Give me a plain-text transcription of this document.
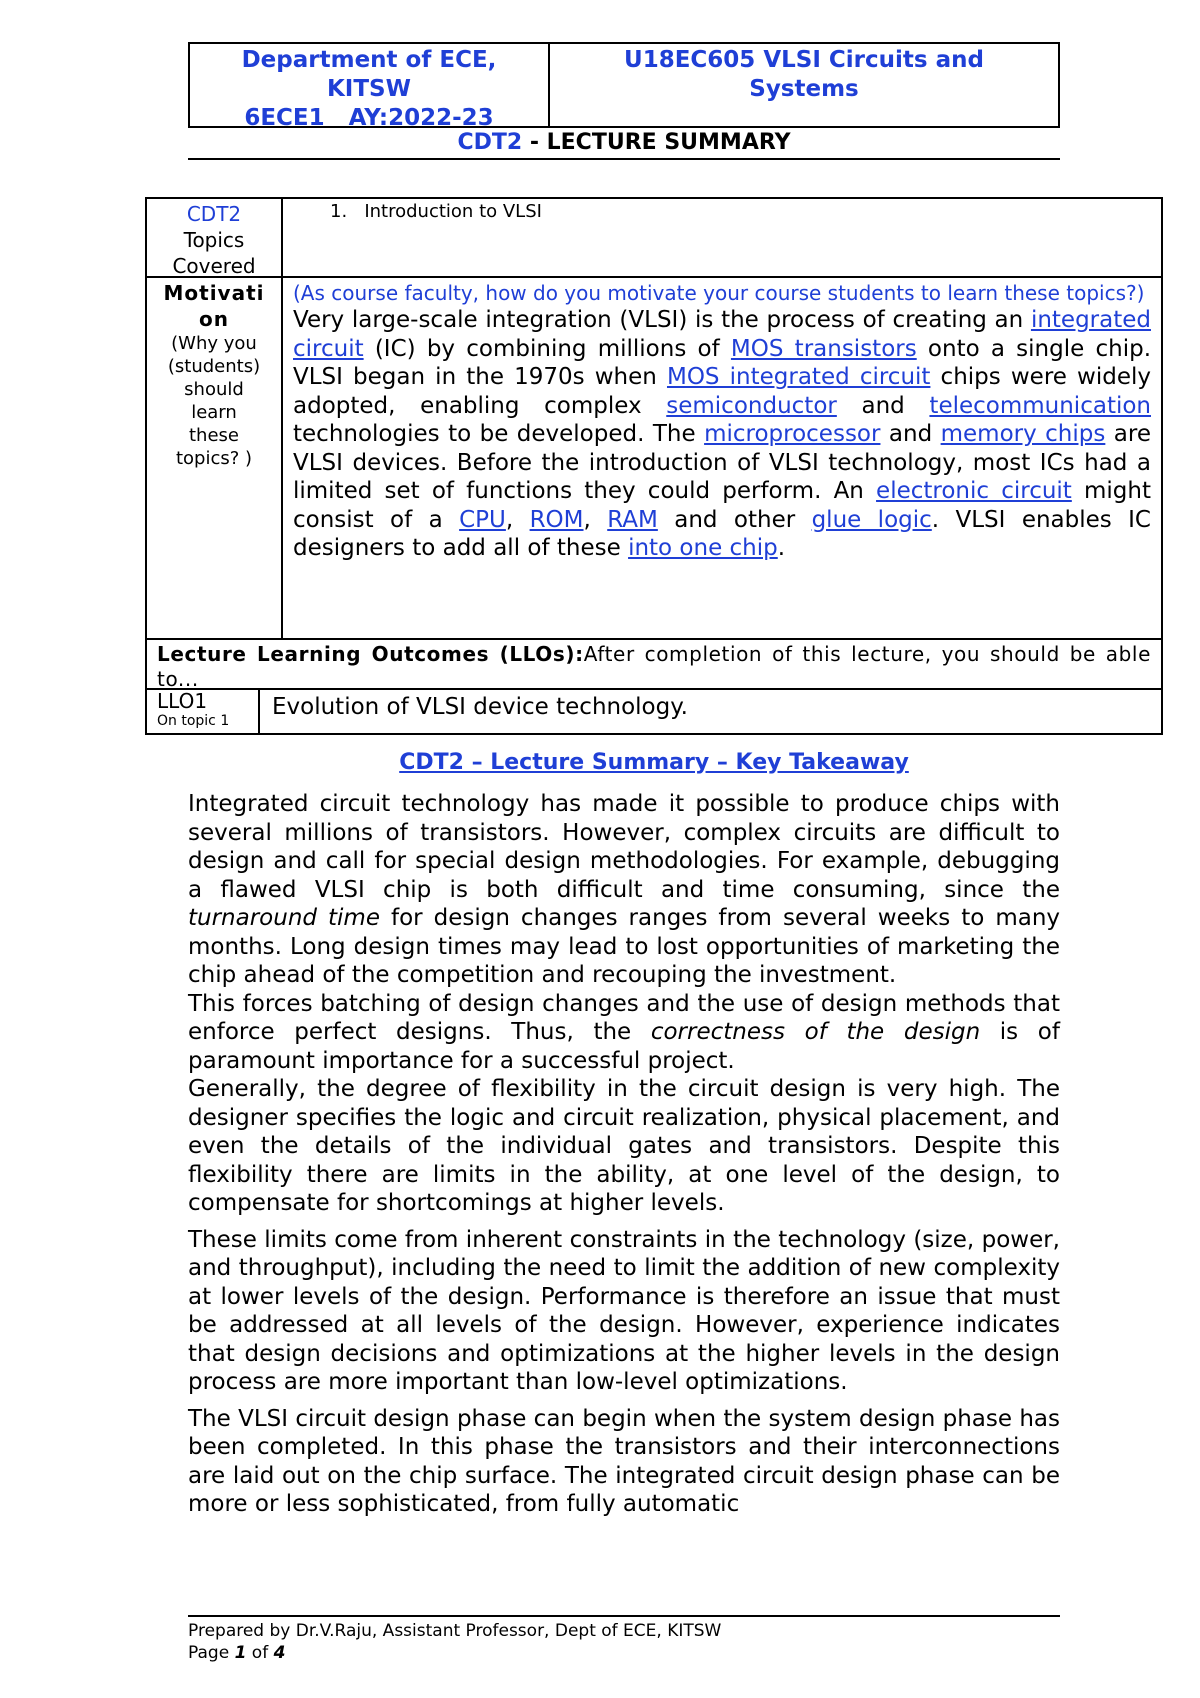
Department of ECE,
KITSW
6ECE1   AY:2022-23
U18EC605 VLSI Circuits and
Systems
CDT2 - LECTURE SUMMARY
CDT2
Topics
Covered
1.   Introduction to VLSI
Motivati
on
(Why you
(students)
should
learn
these
topics? )
(As course faculty, how do you motivate your course students to learn these topics?)
Very large-scale integration (VLSI) is the process of creating an integrated circuit (IC) by combining millions of MOS transistors onto a single chip. VLSI began in the 1970s when MOS integrated circuit chips were widely adopted, enabling complex semiconductor and telecommunication technologies to be developed. The microprocessor and memory chips are VLSI devices. Before the introduction of VLSI technology, most ICs had a limited set of functions they could perform. An electronic circuit might consist of a CPU, ROM, RAM and other glue logic. VLSI enables IC designers to add all of these into one chip.
Lecture Learning Outcomes (LLOs):After completion of this lecture, you should be able to...
LLO1
On topic 1
Evolution of VLSI device technology.
CDT2 – Lecture Summary – Key Takeaway

Integrated circuit technology has made it possible to produce chips with several millions of transistors. However, complex circuits are difficult to design and call for special design methodologies. For example, debugging a flawed VLSI chip is both difficult and time consuming, since the turnaround time for design changes ranges from several weeks to many months. Long design times may lead to lost opportunities of marketing the chip ahead of the competition and recouping the investment.

This forces batching of design changes and the use of design methods that enforce perfect designs. Thus, the correctness of the design is of paramount importance for a successful project.

Generally, the degree of flexibility in the circuit design is very high. The designer specifies the logic and circuit realization, physical placement, and even the details of the individual gates and transistors. Despite this flexibility there are limits in the ability, at one level of the design, to compensate for shortcomings at higher levels.

These limits come from inherent constraints in the technology (size, power, and throughput), including the need to limit the addition of new complexity at lower levels of the design. Performance is therefore an issue that must be addressed at all levels of the design. However, experience indicates that design decisions and optimizations at the higher levels in the design process are more important than low-level optimizations.

The VLSI circuit design phase can begin when the system design phase has been completed. In this phase the transistors and their interconnections are laid out on the chip surface. The integrated circuit design phase can be more or less sophisticated, from fully automatic

Prepared by Dr.V.Raju, Assistant Professor, Dept of ECE, KITSW
Page 1 of 4
